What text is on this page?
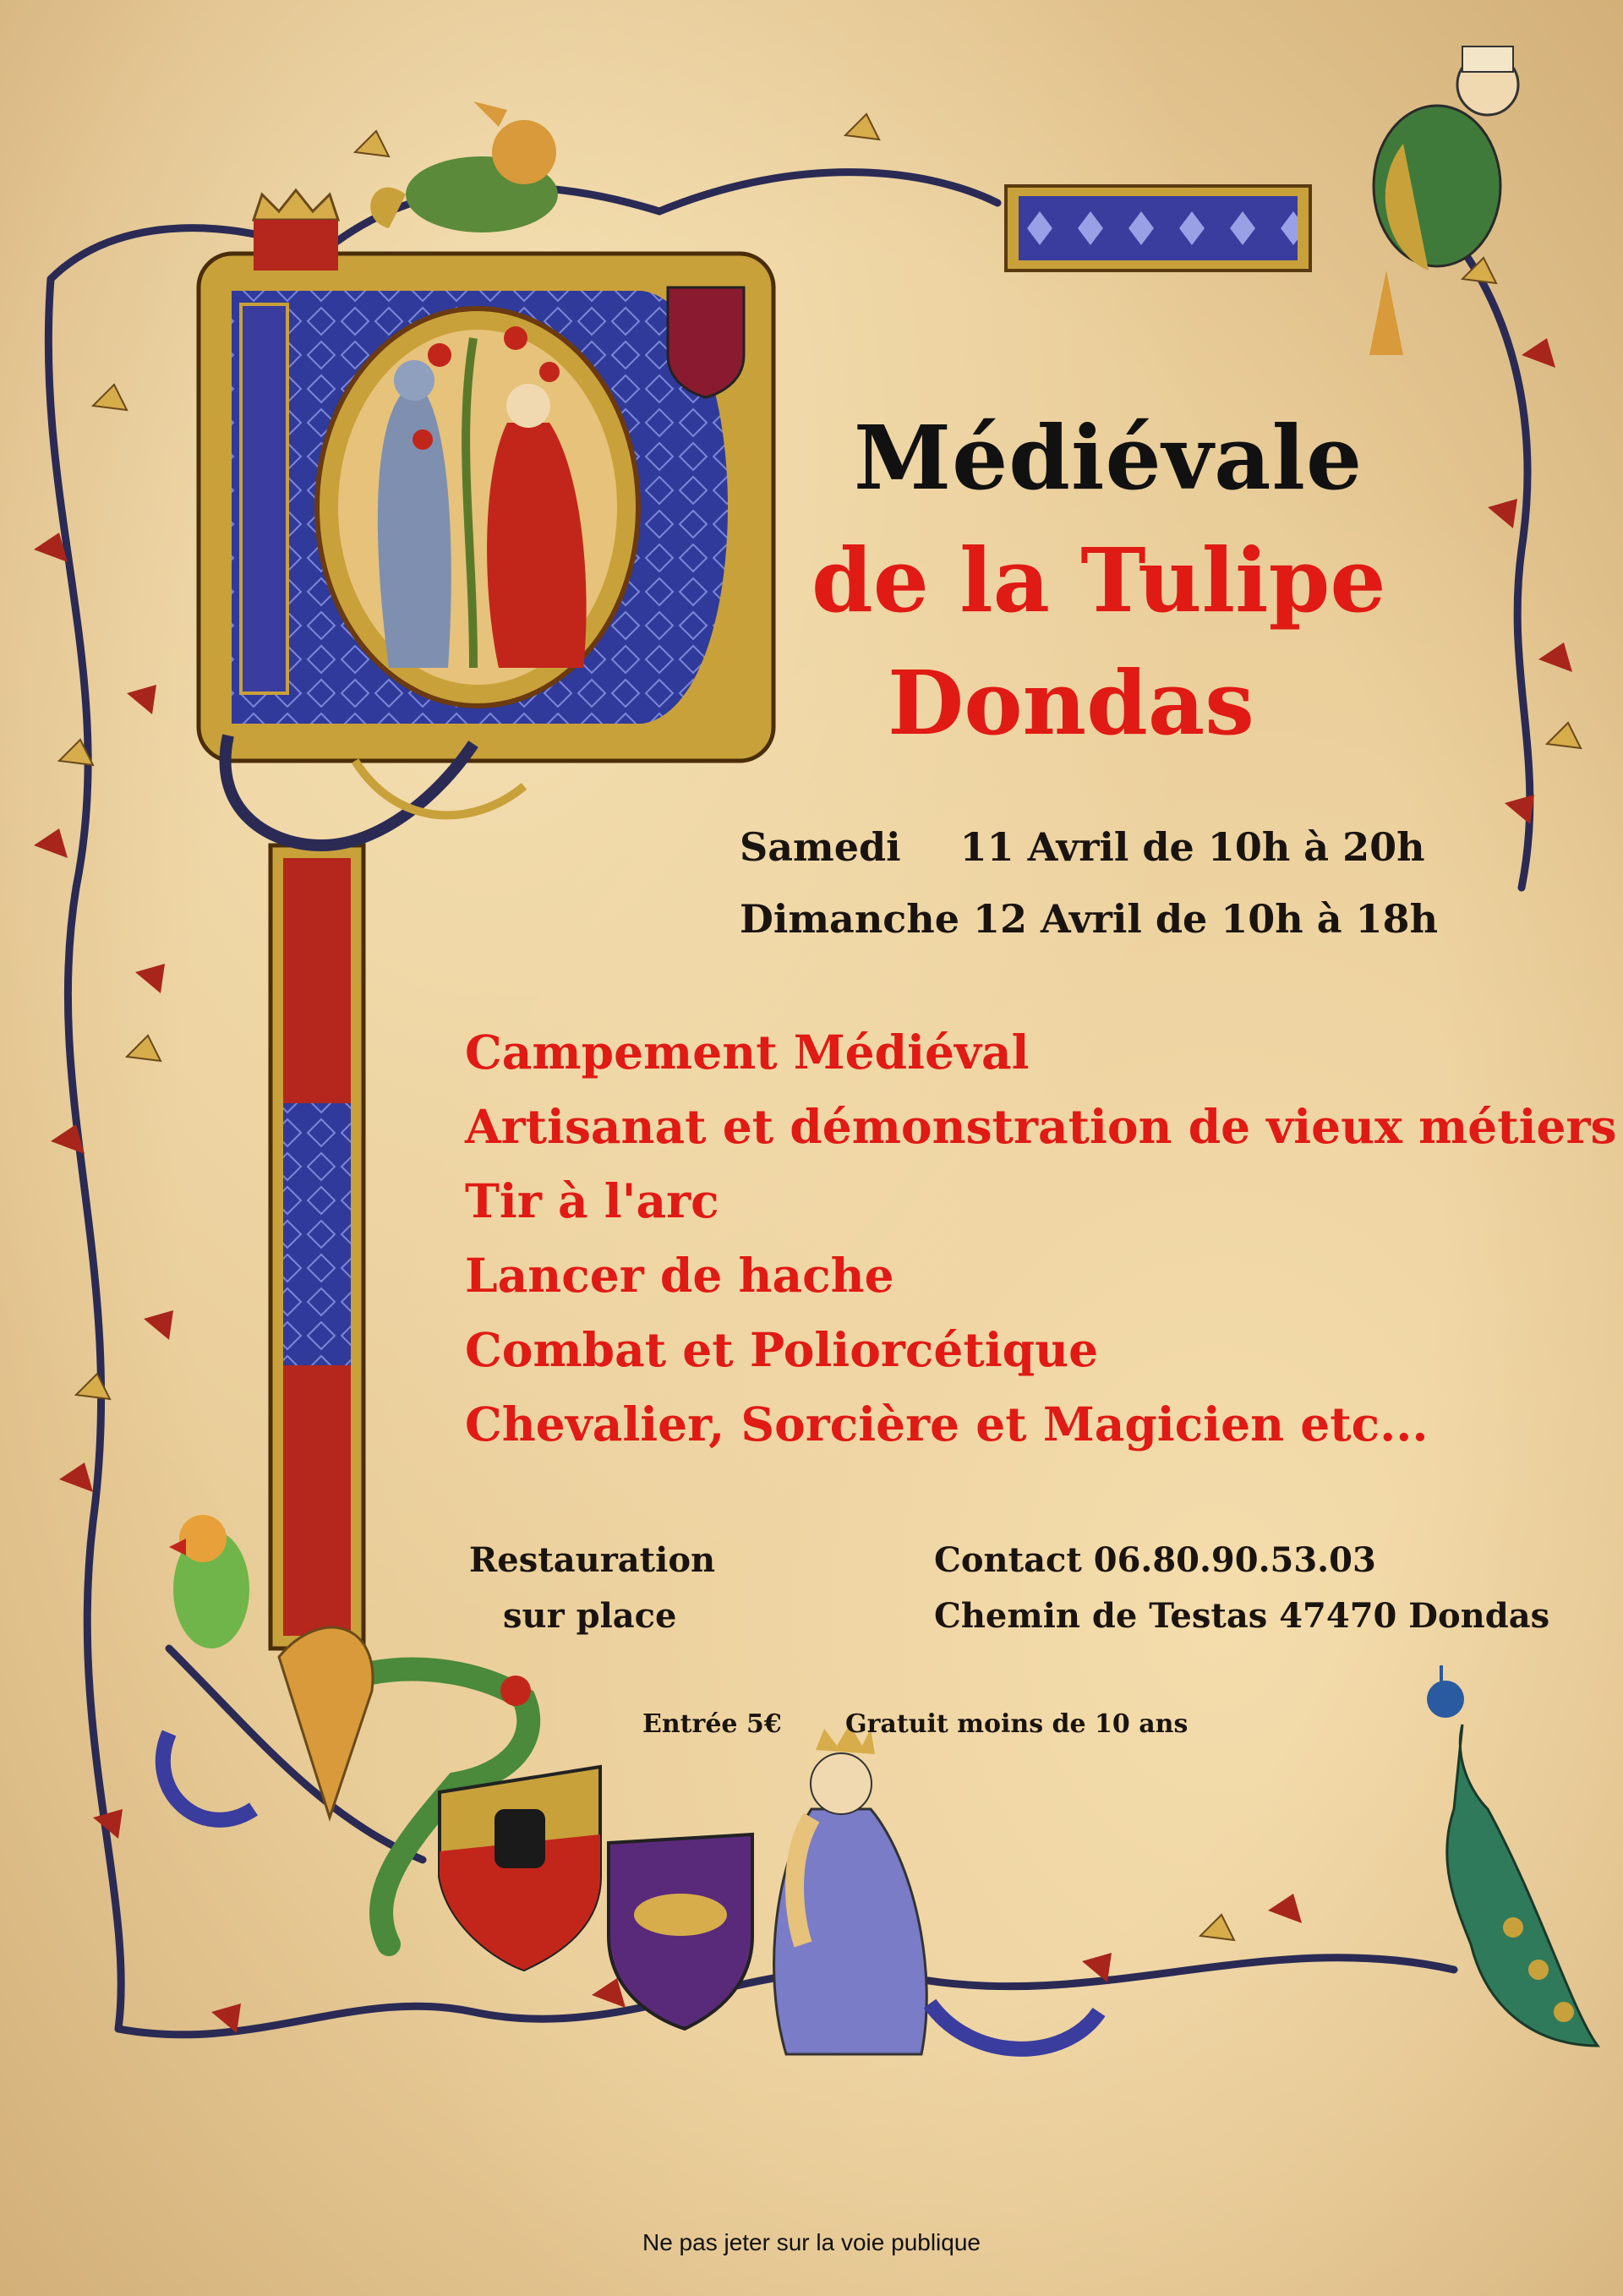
Médiévale
de la Tulipe
Dondas
Samedi 11 Avril de 10h à 20h
Dimanche 12 Avril de 10h à 18h
Campement Médiéval
Artisanat et démonstration de vieux métiers
Tir à l'arc
Lancer de hache
Combat et Poliorcétique
Chevalier, Sorcière et Magicien etc...
Restauration
sur place
Contact 06.80.90.53.03
Chemin de Testas 47470 Dondas
Entrée 5€	Gratuit moins de 10 ans
Ne pas jeter sur la voie publique
